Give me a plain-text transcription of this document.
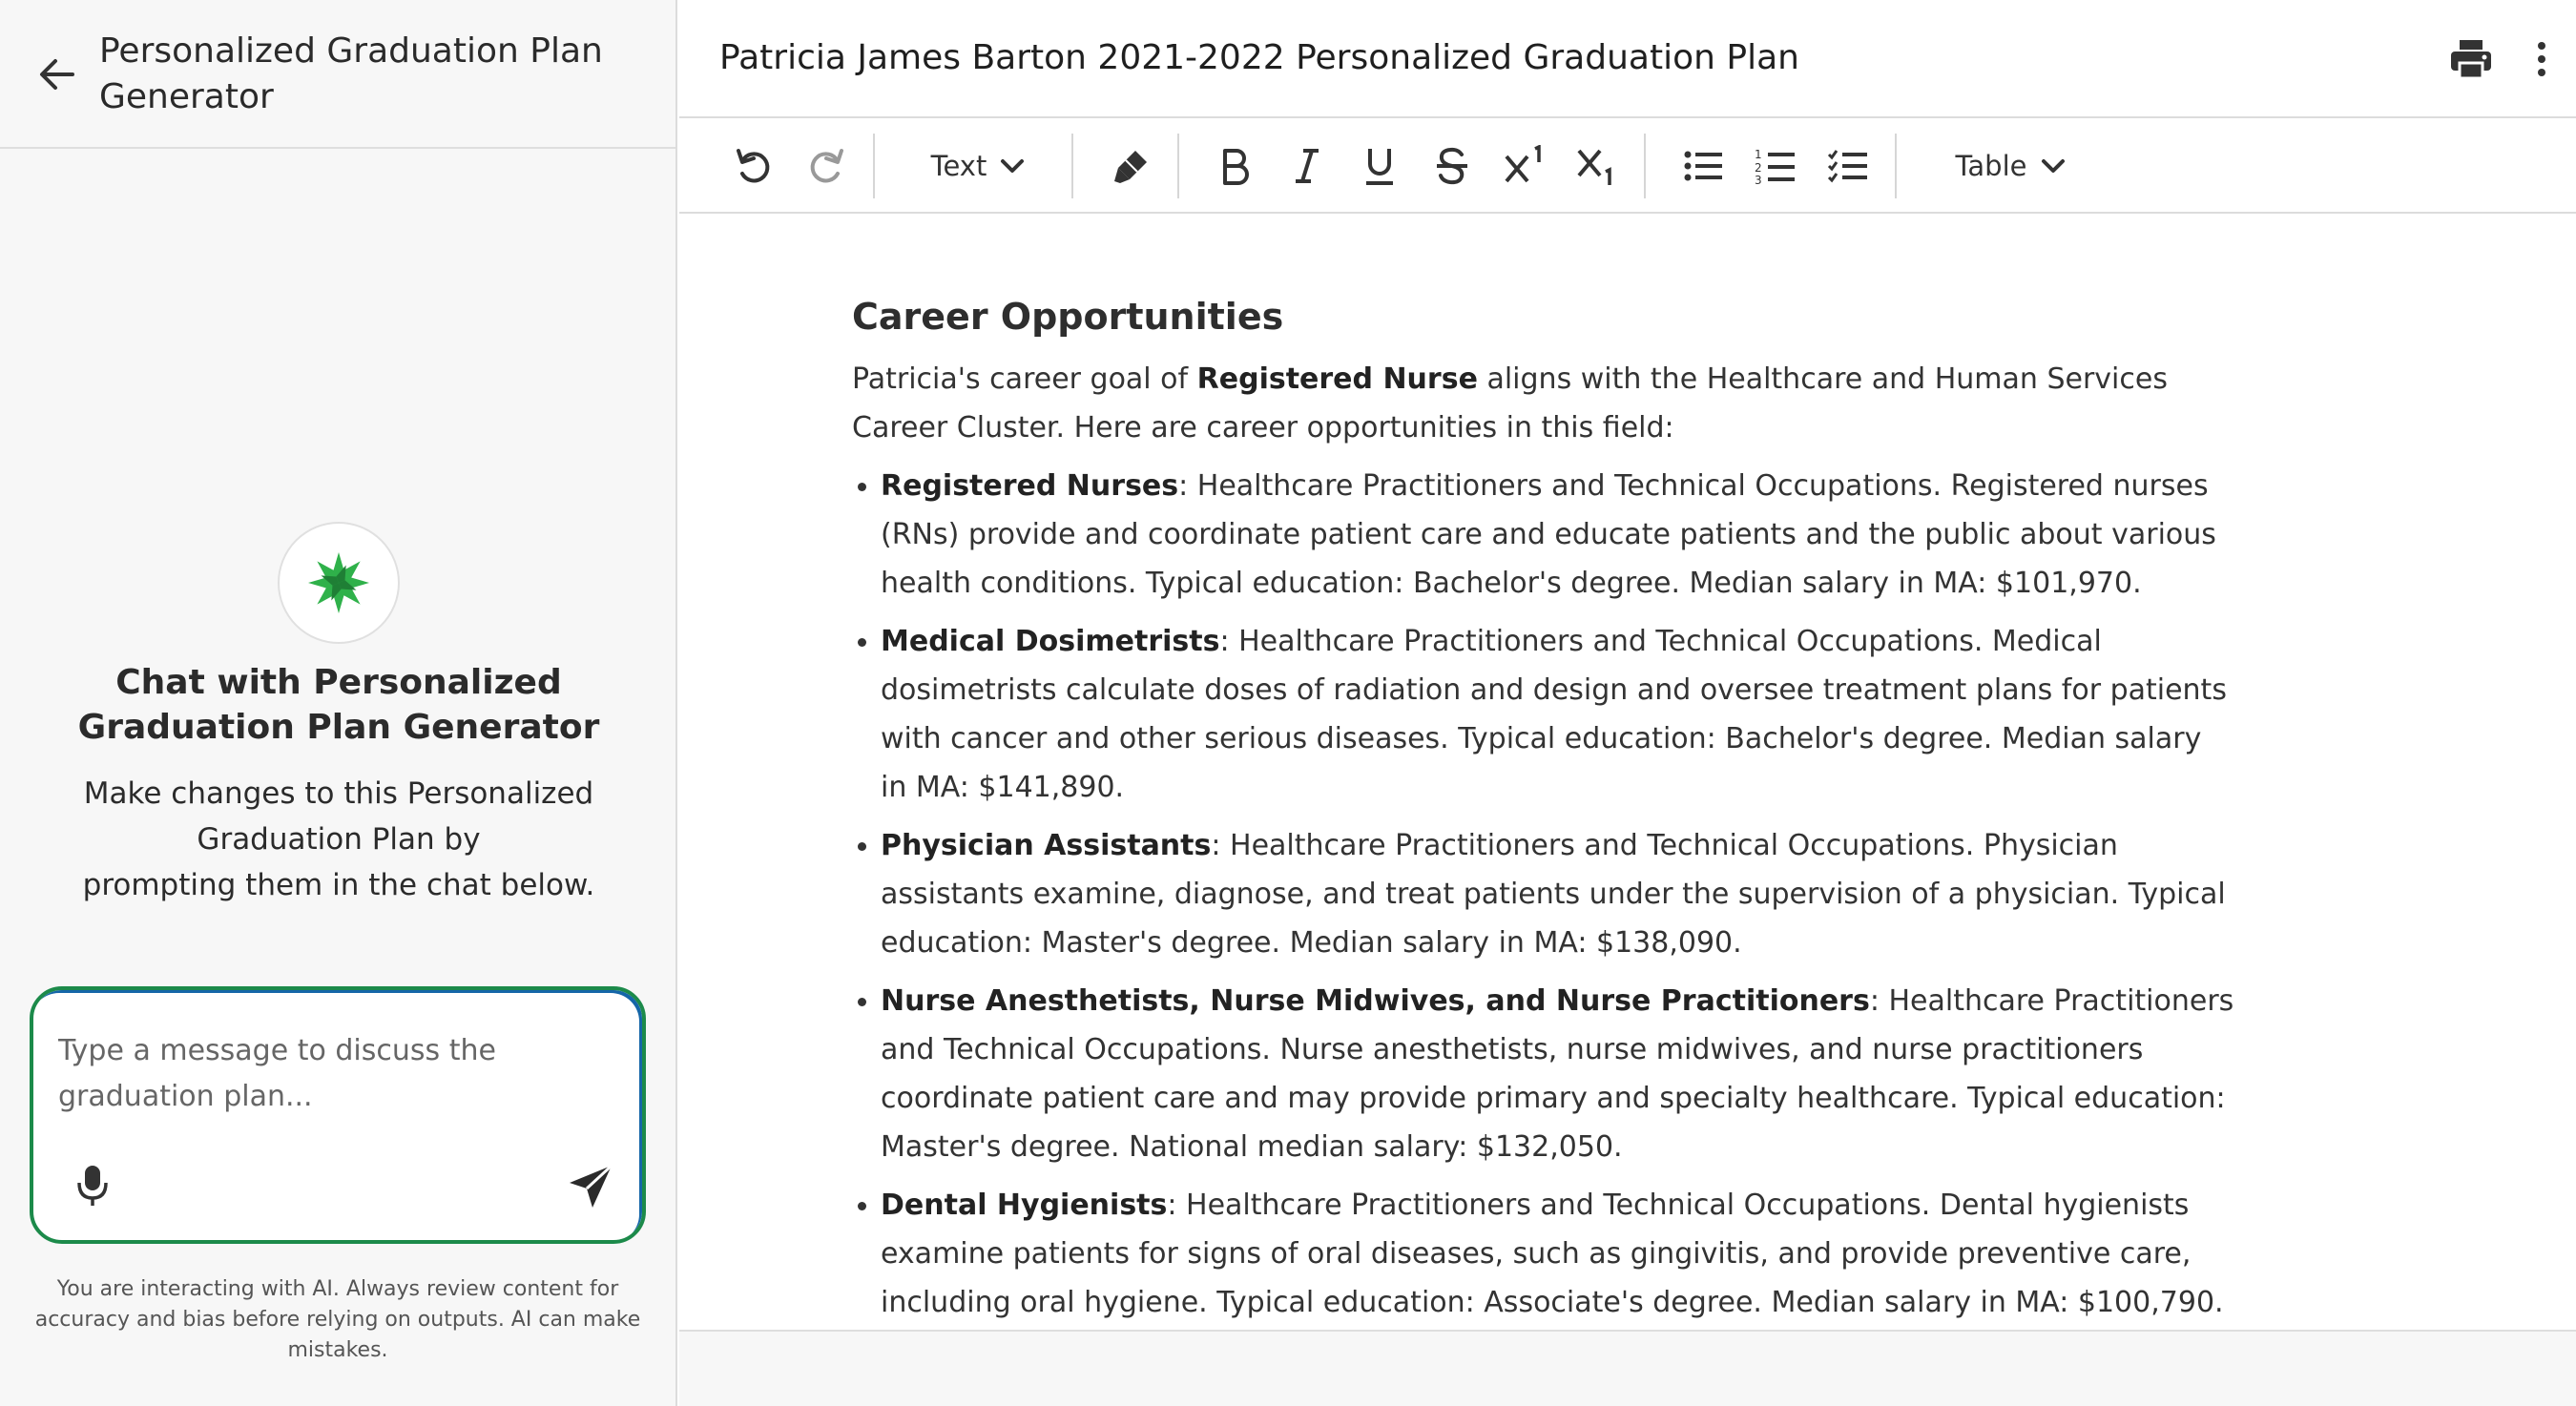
Personalized Graduation Plan Generator
Chat with Personalized Graduation Plan Generator
Make changes to this Personalized
Graduation Plan by
prompting them in the chat below.
Type a message to discuss the graduation plan...
You are interacting with AI. Always review content for accuracy and bias before relying on outputs. AI can make mistakes.
Patricia James Barton 2021-2022 Personalized Graduation Plan
Text	1
2
3	Table
Career Opportunities

Patricia's career goal of Registered Nurse aligns with the Healthcare and Human Services Career Cluster. Here are career opportunities in this field:

Registered Nurses: Healthcare Practitioners and Technical Occupations. Registered nurses (RNs) provide and coordinate patient care and educate patients and the public about various health conditions. Typical education: Bachelor's degree. Median salary in MA: $101,970.
Medical Dosimetrists: Healthcare Practitioners and Technical Occupations. Medical dosimetrists calculate doses of radiation and design and oversee treatment plans for patients with cancer and other serious diseases. Typical education: Bachelor's degree. Median salary in MA: $141,890.
Physician Assistants: Healthcare Practitioners and Technical Occupations. Physician assistants examine, diagnose, and treat patients under the supervision of a physician. Typical education: Master's degree. Median salary in MA: $138,090.
Nurse Anesthetists, Nurse Midwives, and Nurse Practitioners: Healthcare Practitioners and Technical Occupations. Nurse anesthetists, nurse midwives, and nurse practitioners coordinate patient care and may provide primary and specialty healthcare. Typical education: Master's degree. National median salary: $132,050.
Dental Hygienists: Healthcare Practitioners and Technical Occupations. Dental hygienists examine patients for signs of oral diseases, such as gingivitis, and provide preventive care, including oral hygiene. Typical education: Associate's degree. Median salary in MA: $100,790.
